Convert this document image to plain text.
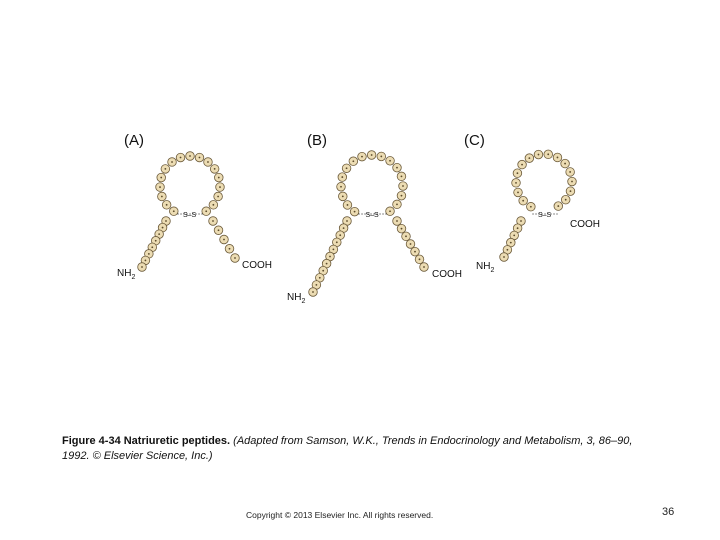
(A)	(B)	(C)
S–S
$NH_2$
COOH
S–S
$NH_2$
COOH
S–S
$NH_2$
COOH
Figure 4-34 Natriuretic peptides. (Adapted from Samson, W.K., Trends in Endocrinology and Metabolism, 3, 86–90, 1992. © Elsevier Science, Inc.)
Copyright © 2013 Elsevier Inc. All rights reserved.	36
